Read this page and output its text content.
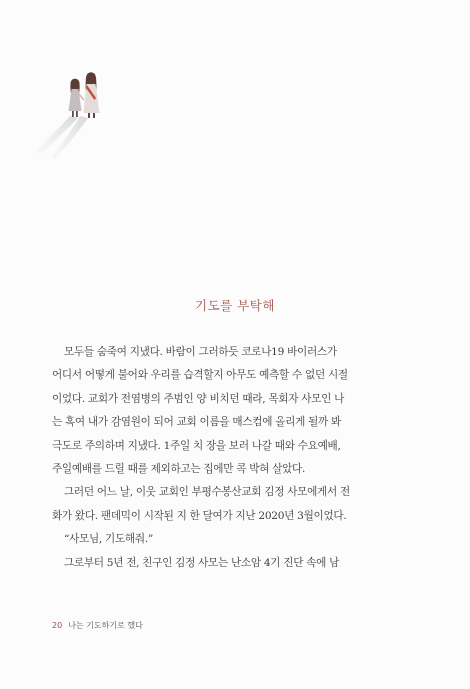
기도를 부탁해
모두들 숨죽여 지냈다. 바람이 그러하듯 코로나19 바이러스가
어디서 어떻게 불어와 우리를 습격할지 아무도 예측할 수 없던 시절
이었다. 교회가 전염병의 주범인 양 비치던 때라, 목회자 사모인 나
는 혹여 내가 감염원이 되어 교회 이름을 매스컴에 올리게 될까 봐
극도로 주의하며 지냈다. 1주일 치 장을 보러 나갈 때와 수요예배,
주일예배를 드릴 때를 제외하고는 집에만 콕 박혀 살았다.
그러던 어느 날, 이웃 교회인 부평수봉산교회 김정 사모에게서 전
화가 왔다. 팬데믹이 시작된 지 한 달여가 지난 2020년 3월이었다.
“사모님, 기도해줘.”
그로부터 5년 전, 친구인 김정 사모는 난소암 4기 진단 속에 남
20 나는 기도하기로 했다
